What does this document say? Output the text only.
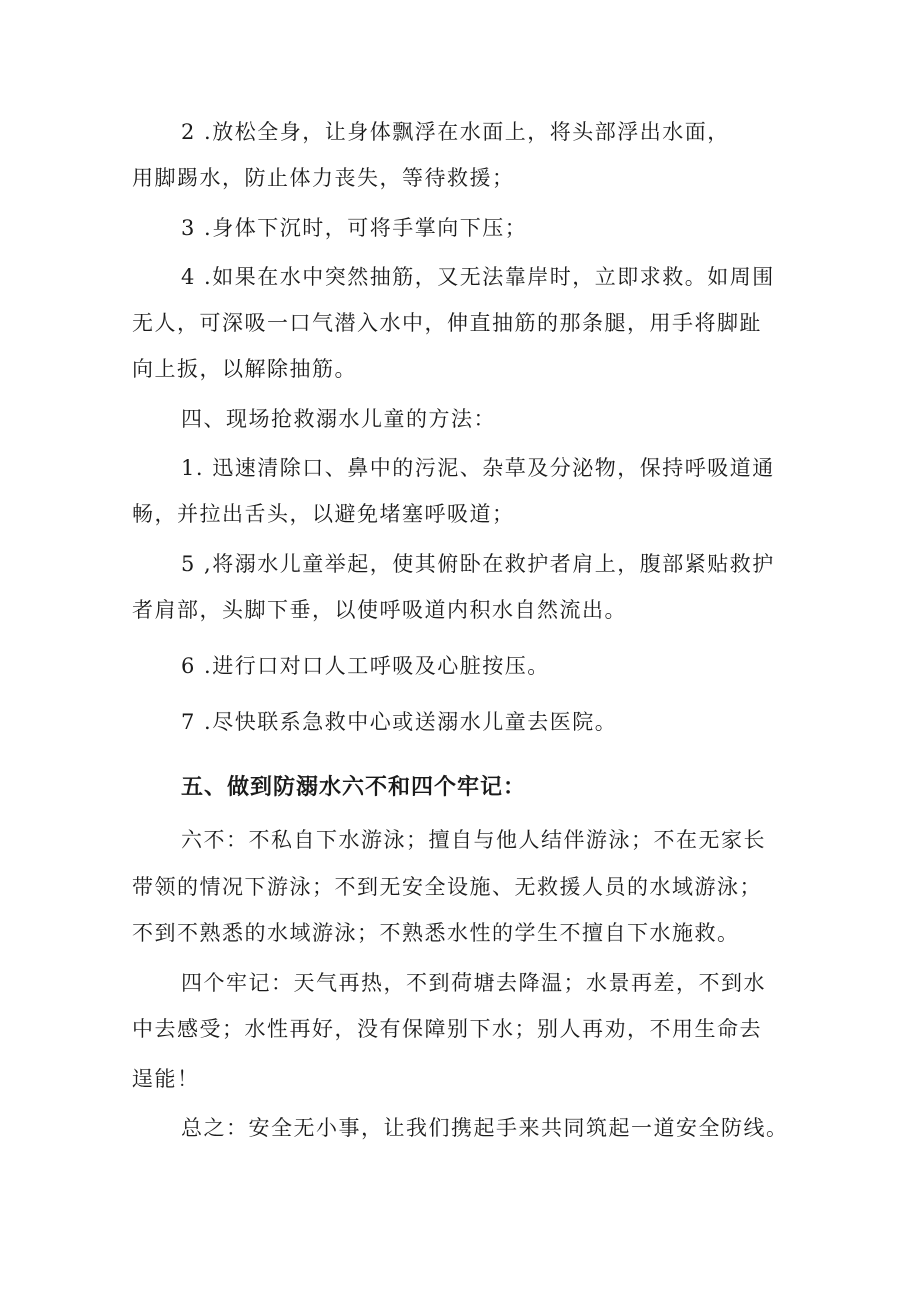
2 .放松全身，让身体飘浮在水面上，将头部浮出水面，
用脚踢水，防止体力丧失，等待救援；
3 .身体下沉时，可将手掌向下压；
4 .如果在水中突然抽筋，又无法靠岸时，立即求救。如周围
无人，可深吸一口气潜入水中，伸直抽筋的那条腿，用手将脚趾
向上扳，以解除抽筋。
四、现场抢救溺水儿童的方法：
1. 迅速清除口、鼻中的污泥、杂草及分泌物，保持呼吸道通
畅，并拉出舌头，以避免堵塞呼吸道；
5 ,将溺水儿童举起，使其俯卧在救护者肩上，腹部紧贴救护
者肩部，头脚下垂，以使呼吸道内积水自然流出。
6 .进行口对口人工呼吸及心脏按压。
7 .尽快联系急救中心或送溺水儿童去医院。
五、做到防溺水六不和四个牢记：
六不：不私自下水游泳；擅自与他人结伴游泳；不在无家长
带领的情况下游泳；不到无安全设施、无救援人员的水域游泳；
不到不熟悉的水域游泳；不熟悉水性的学生不擅自下水施救。
四个牢记：天气再热，不到荷塘去降温；水景再差，不到水
中去感受；水性再好，没有保障别下水；别人再劝，不用生命去
逞能！
总之：安全无小事，让我们携起手来共同筑起一道安全防线。
